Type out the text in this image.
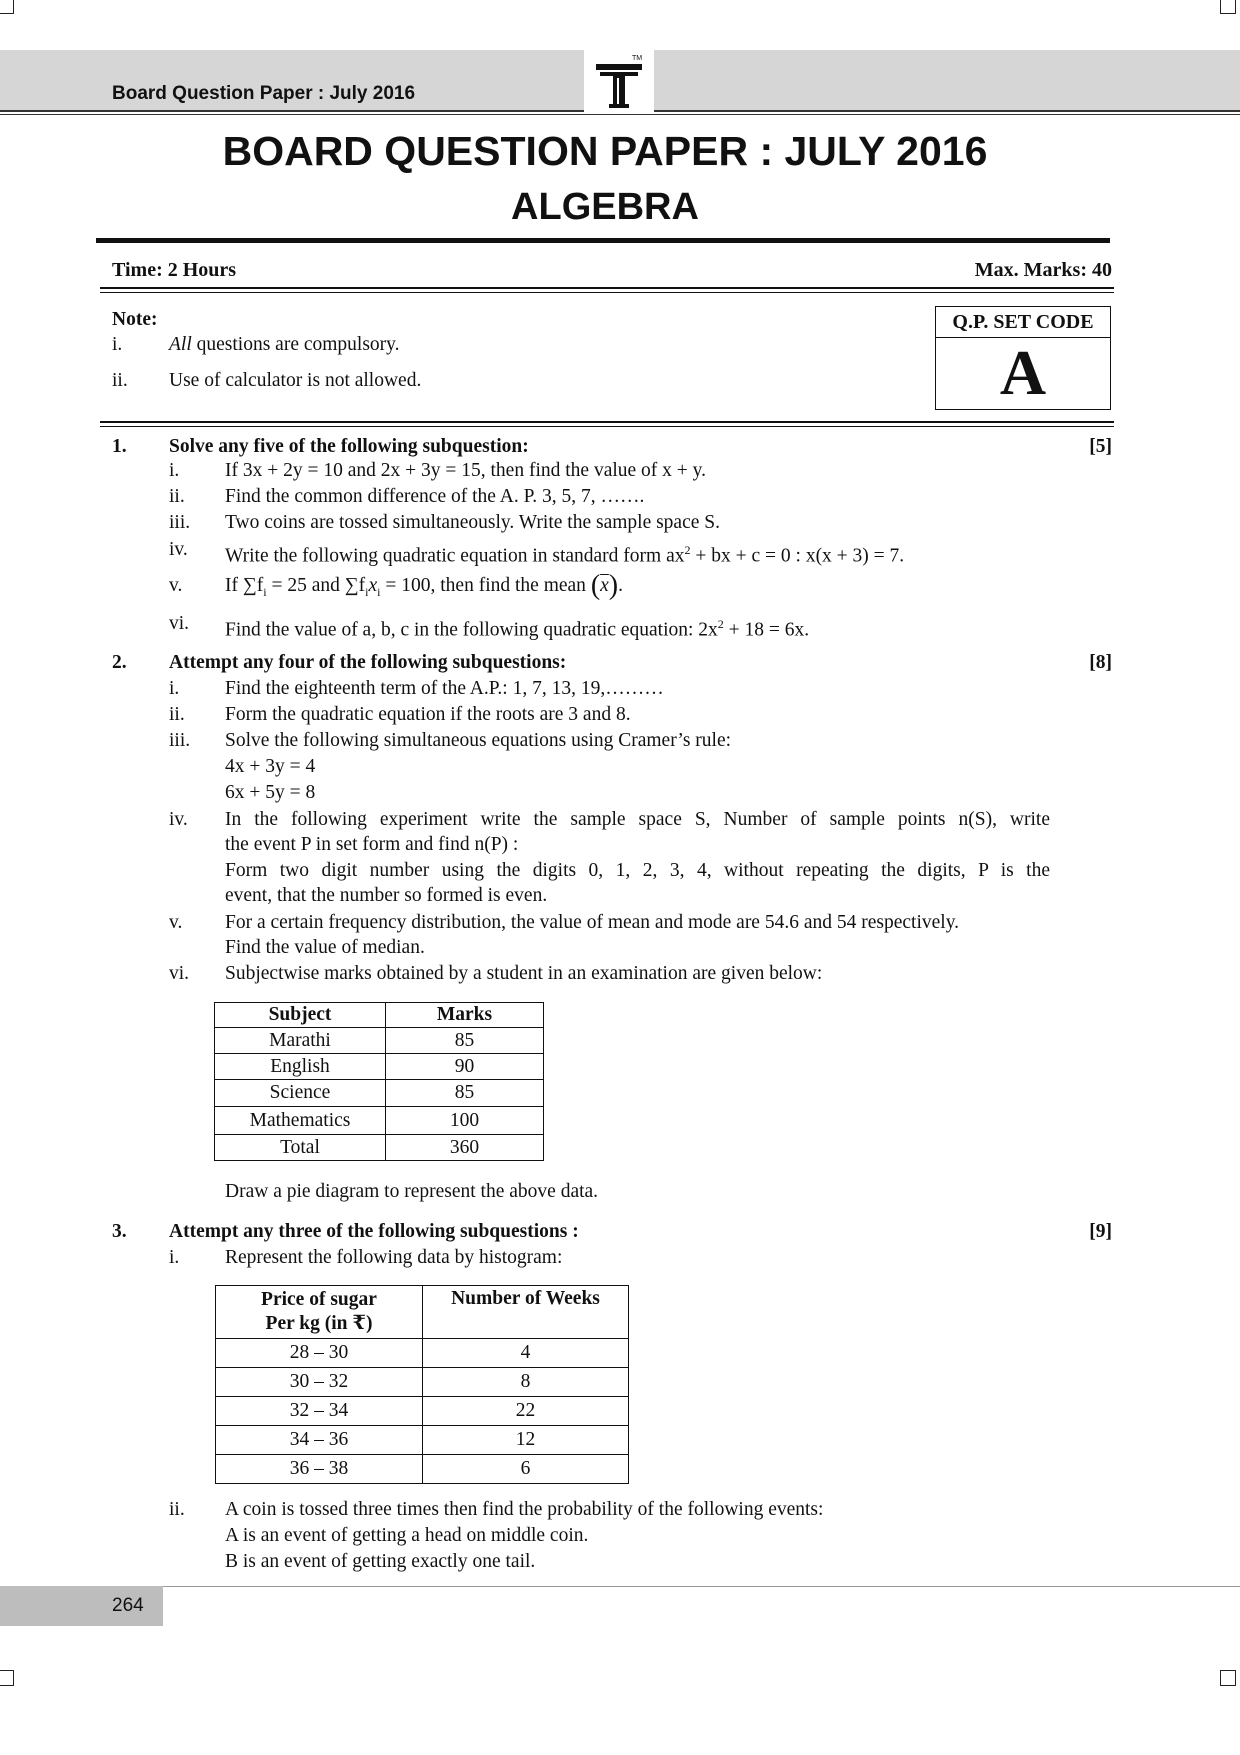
Board Question Paper : July 2016
TM
BOARD QUESTION PAPER : JULY 2016
ALGEBRA
Time: 2 Hours	Max. Marks: 40
Note:
i. All questions are compulsory.
ii. Use of calculator is not allowed.
Q.P. SET CODE
A
1. Solve any five of the following subquestion:	[5]
i. If 3x + 2y = 10 and 2x + 3y = 15, then find the value of x + y.
ii. Find the common difference of the A. P. 3, 5, 7, …….
iii. Two coins are tossed simultaneously. Write the sample space S.
iv. Write the following quadratic equation in standard form $ax^2$ + bx + c = 0 : x(x + 3) = 7.
v. If $\sum f_i = 25$ and $\sum f_ix_i = 100$, then find the mean $(\overline{x})$.
vi. Find the value of a, b, c in the following quadratic equation: $2x^2 + 18 = 6x$.
2. Attempt any four of the following subquestions:	[8]
i. Find the eighteenth term of the A.P.: 1, 7, 13, 19,………
ii. Form the quadratic equation if the roots are 3 and 8.
iii. Solve the following simultaneous equations using Cramer’s rule:
4x + 3y = 4
6x + 5y = 8
iv. In the following experiment write the sample space S, Number of sample points n(S), write
the event P in set form and find n(P) :
Form two digit number using the digits 0, 1, 2, 3, 4, without repeating the digits, P is the
event, that the number so formed is even.
v. For a certain frequency distribution, the value of mean and mode are 54.6 and 54 respectively.
Find the value of median.
vi. Subjectwise marks obtained by a student in an examination are given below:
Subject	Marks
Marathi	85
English	90
Science	85
Mathematics	100
Total	360
Draw a pie diagram to represent the above data.
3. Attempt any three of the following subquestions :	[9]
i. Represent the following data by histogram:
Price of sugar
Per kg (in ₹)	Number of Weeks
28 – 30	4
30 – 32	8
32 – 34	22
34 – 36	12
36 – 38	6
ii. A coin is tossed three times then find the probability of the following events:
A is an event of getting a head on middle coin.
B is an event of getting exactly one tail.
264
